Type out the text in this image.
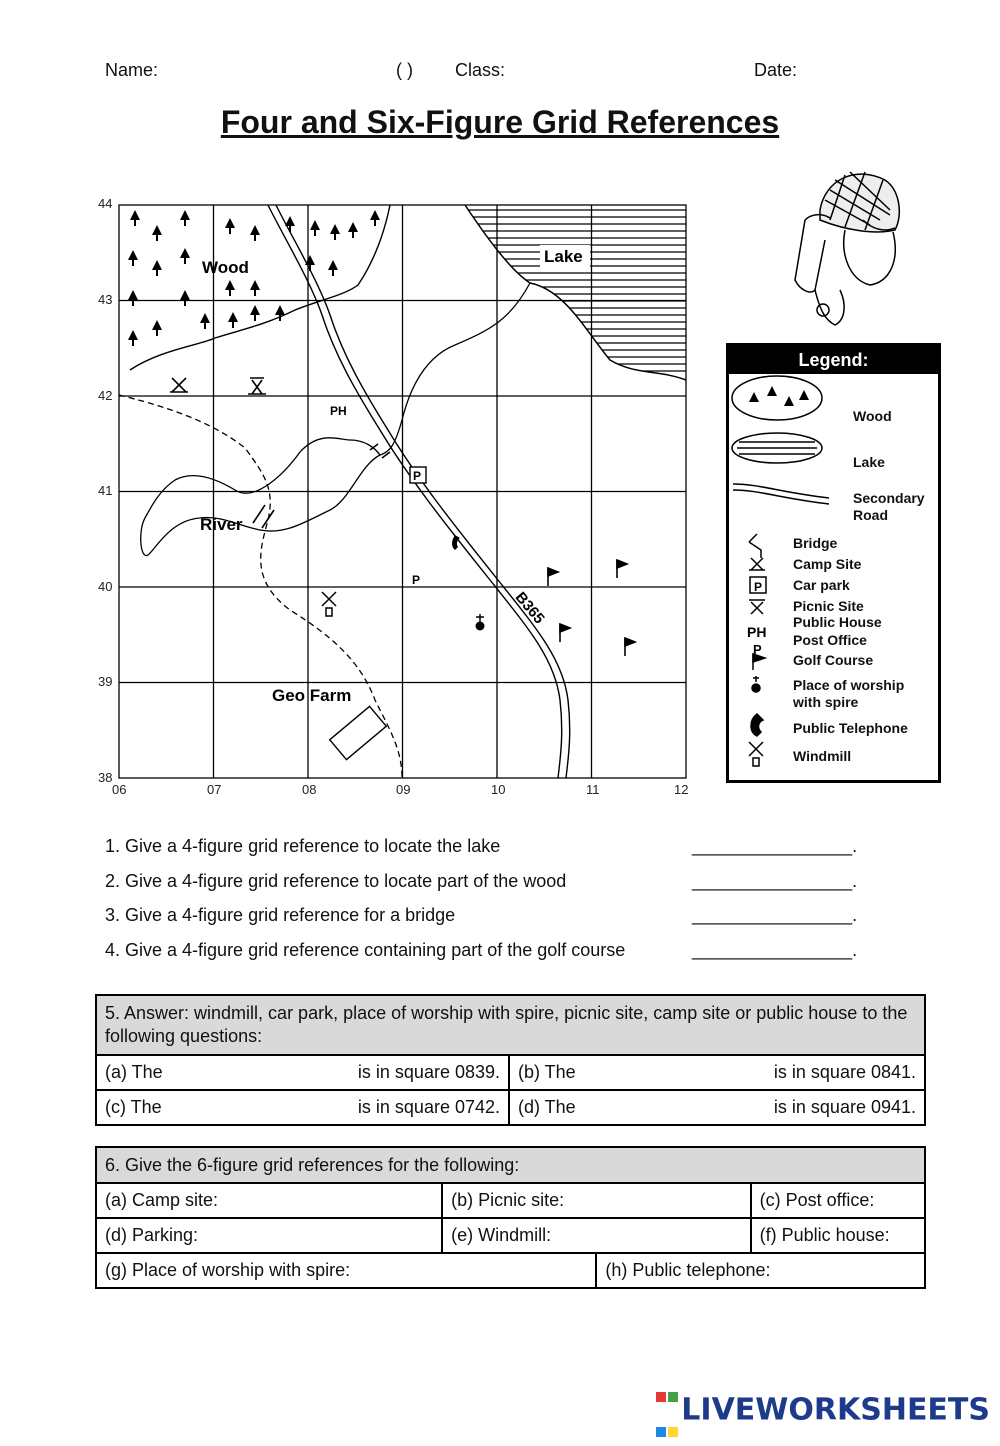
Name:	( ) Class:	Date:
Four and Six-Figure Grid References
44
43
42
41
40
39
38
06	07	08	09	10	11	12
Lake
Wood
B365
River
PH
P
P
Geo Farm
Legend:
PH
P
P
Wood
Lake
Secondary Road
Bridge
Camp Site
Car park
Picnic Site
Public House
Post Office
Golf Course
Place of worship with spire
Public Telephone
Windmill
1. Give a 4-figure grid reference to locate the lake	________________.
2. Give a 4-figure grid reference to locate part of the wood	________________.
3. Give a 4-figure grid reference for a bridge	________________.
4. Give a 4-figure grid reference containing part of the golf course	________________.
5. Answer: windmill, car park, place of worship with spire, picnic site, camp site or public house to the following questions:	

(a) The is in square 0839.	(b) The is in square 0841.

(c) The is in square 0742.	(d) The is in square 0941.
6. Give the 6-figure grid references for the following:			
(a) Camp site:	(b) Picnic site:		(c) Post office:
(d) Parking:	(e) Windmill:		(f) Public house:
(g) Place of worship with spire:		(h) Public telephone:	

LIVEWORKSHEETS
